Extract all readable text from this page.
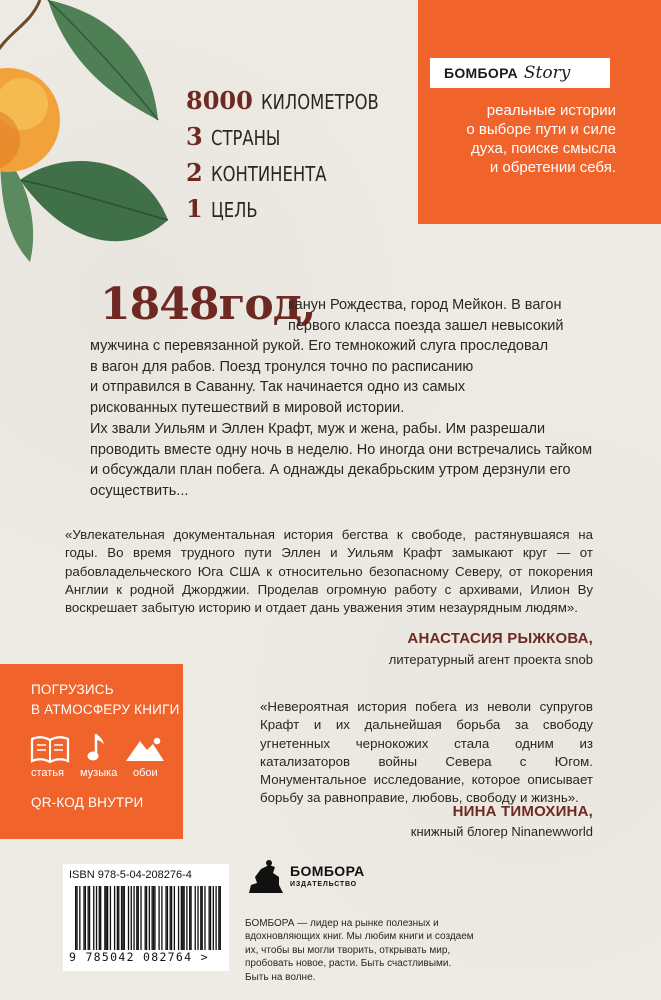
БОМБОРА Story
реальные истории
о выборе пути и силе
духа, поиске смысла
и обретении себя.
8000 КИЛОМЕТРОВ
3 СТРАНЫ
2 КОНТИНЕНТА
1 ЦЕЛЬ
1848год,
канун Рождества, город Мейкон. В вагон
первого класса поезда зашел невысокий
мужчина с перевязанной рукой. Его темнокожий слуга проследовал
в вагон для рабов. Поезд тронулся точно по расписанию
и отправился в Саванну. Так начинается одно из самых
рискованных путешествий в мировой истории.

Их звали Уильям и Эллен Крафт, муж и жена, рабы. Им разрешали проводить вместе одну ночь в неделю. Но иногда они встречались тайком и обсуждали план побега. А однажды декабрьским утром дерзнули его осуществить...

«Увлекательная документальная история бегства к свободе, растянувшаяся на годы. Во время трудного пути Эллен и Уильям Крафт замыкают круг — от рабовладельческого Юга США к относительно безопасному Северу, от покорения Англии к родной Джорджии. Проделав огромную работу с архивами, Илион Ву воскрешает забытую историю и отдает дань уважения этим незаурядным людям».
АНАСТАСИЯ РЫЖКОВА,
литературный агент проекта snob
ПОГРУЗИСЬ
В АТМОСФЕРУ КНИГИ
статья музыка обои
QR-КОД ВНУТРИ
«Невероятная история побега из неволи супругов Крафт и их дальнейшая борьба за свободу угнетенных чернокожих стала одним из катализаторов войны Севера с Югом. Монументальное исследование, которое описывает борьбу за равноправие, любовь, свободу и жизнь».
НИНА ТИМОХИНА,
книжный блогер Ninanewworld
ISBN 978-5-04-208276-4
9 785042 082764 >
БОМБОРА
ИЗДАТЕЛЬСТВО
БОМБОРА — лидер на рынке полезных и вдохновляющих книг. Мы любим книги и создаем их, чтобы вы могли творить, открывать мир, пробовать новое, расти. Быть счастливыми. Быть на волне.
